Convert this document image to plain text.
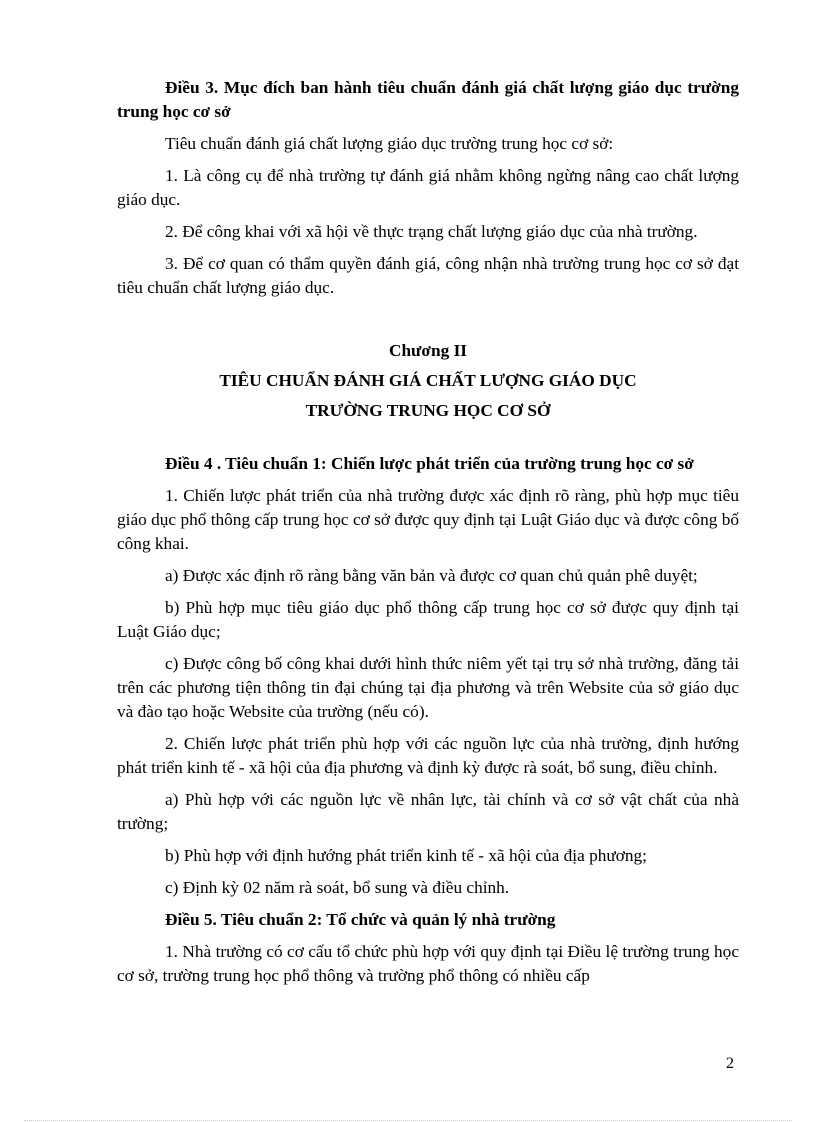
Điều 3. Mục đích ban hành tiêu chuẩn đánh giá chất lượng giáo dục trường trung học cơ sở

Tiêu chuẩn đánh giá chất lượng giáo dục trường trung học cơ sở:

1. Là công cụ để nhà trường tự đánh giá nhằm không ngừng nâng cao chất lượng giáo dục.

2. Để công khai với xã hội về thực trạng chất lượng giáo dục của nhà trường.

3. Để cơ quan có thẩm quyền đánh giá, công nhận nhà trường trung học cơ sở đạt tiêu chuẩn chất lượng giáo dục.

Chương II
TIÊU CHUẨN ĐÁNH GIÁ CHẤT LƯỢNG GIÁO DỤC
TRƯỜNG TRUNG HỌC CƠ SỞ

Điều 4 . Tiêu chuẩn 1: Chiến lược phát triển của trường trung học cơ sở

1. Chiến lược phát triển của nhà trường được xác định rõ ràng, phù hợp mục tiêu giáo dục phổ thông cấp trung học cơ sở được quy định tại Luật Giáo dục và được công bố công khai.

a) Được xác định rõ ràng bằng văn bản và được cơ quan chủ quản phê duyệt;

b) Phù hợp mục tiêu giáo dục phổ thông cấp trung học cơ sở được quy định tại Luật Giáo dục;

c) Được công bố công khai dưới hình thức niêm yết tại trụ sở nhà trường, đăng tải trên các phương tiện thông tin đại chúng tại địa phương và trên Website của sở giáo dục và đào tạo hoặc Website của trường (nếu có).

2. Chiến lược phát triển phù hợp với các nguồn lực của nhà trường, định hướng phát triển kinh tế - xã hội của địa phương và định kỳ được rà soát, bổ sung, điều chỉnh.

a) Phù hợp với các nguồn lực về nhân lực, tài chính và cơ sở vật chất của nhà trường;

b) Phù hợp với định hướng phát triển kinh tế - xã hội của địa phương;

c) Định kỳ 02 năm rà soát, bổ sung và điều chỉnh.

Điều 5. Tiêu chuẩn 2: Tổ chức và quản lý nhà trường

1. Nhà trường có cơ cấu tổ chức phù hợp với quy định tại Điều lệ trường trung học cơ sở, trường trung học phổ thông và trường phổ thông có nhiều cấp

2
